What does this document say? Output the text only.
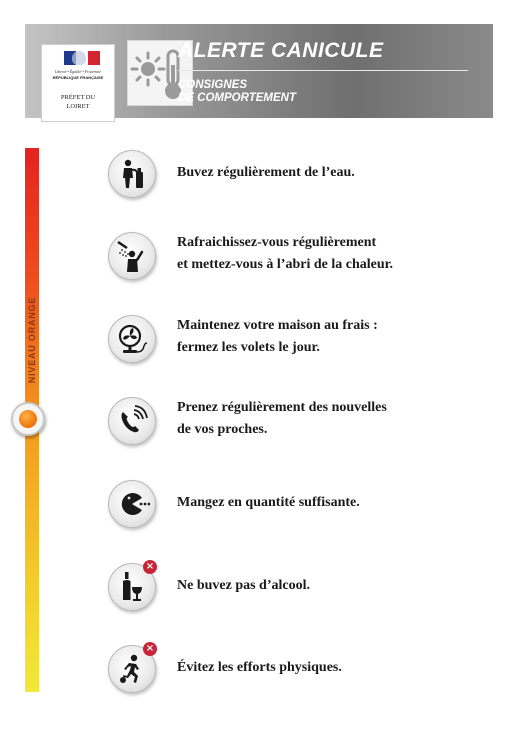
Liberté • Égalité • Fraternité
RÉPUBLIQUE FRANÇAISE
PRÉFET DU
LOIRET
ALERTE CANICULE
CONSIGNES
DE COMPORTEMENT
NIVEAU ORANGE
Buvez régulièrement de l’eau.
Rafraichissez-vous régulièrement
et mettez-vous à l’abri de la chaleur.
Maintenez votre maison au frais :
fermez les volets le jour.
Prenez régulièrement des nouvelles
de vos proches.
Mangez en quantité suffisante.
×
Ne buvez pas d’alcool.
×
Évitez les efforts physiques.
